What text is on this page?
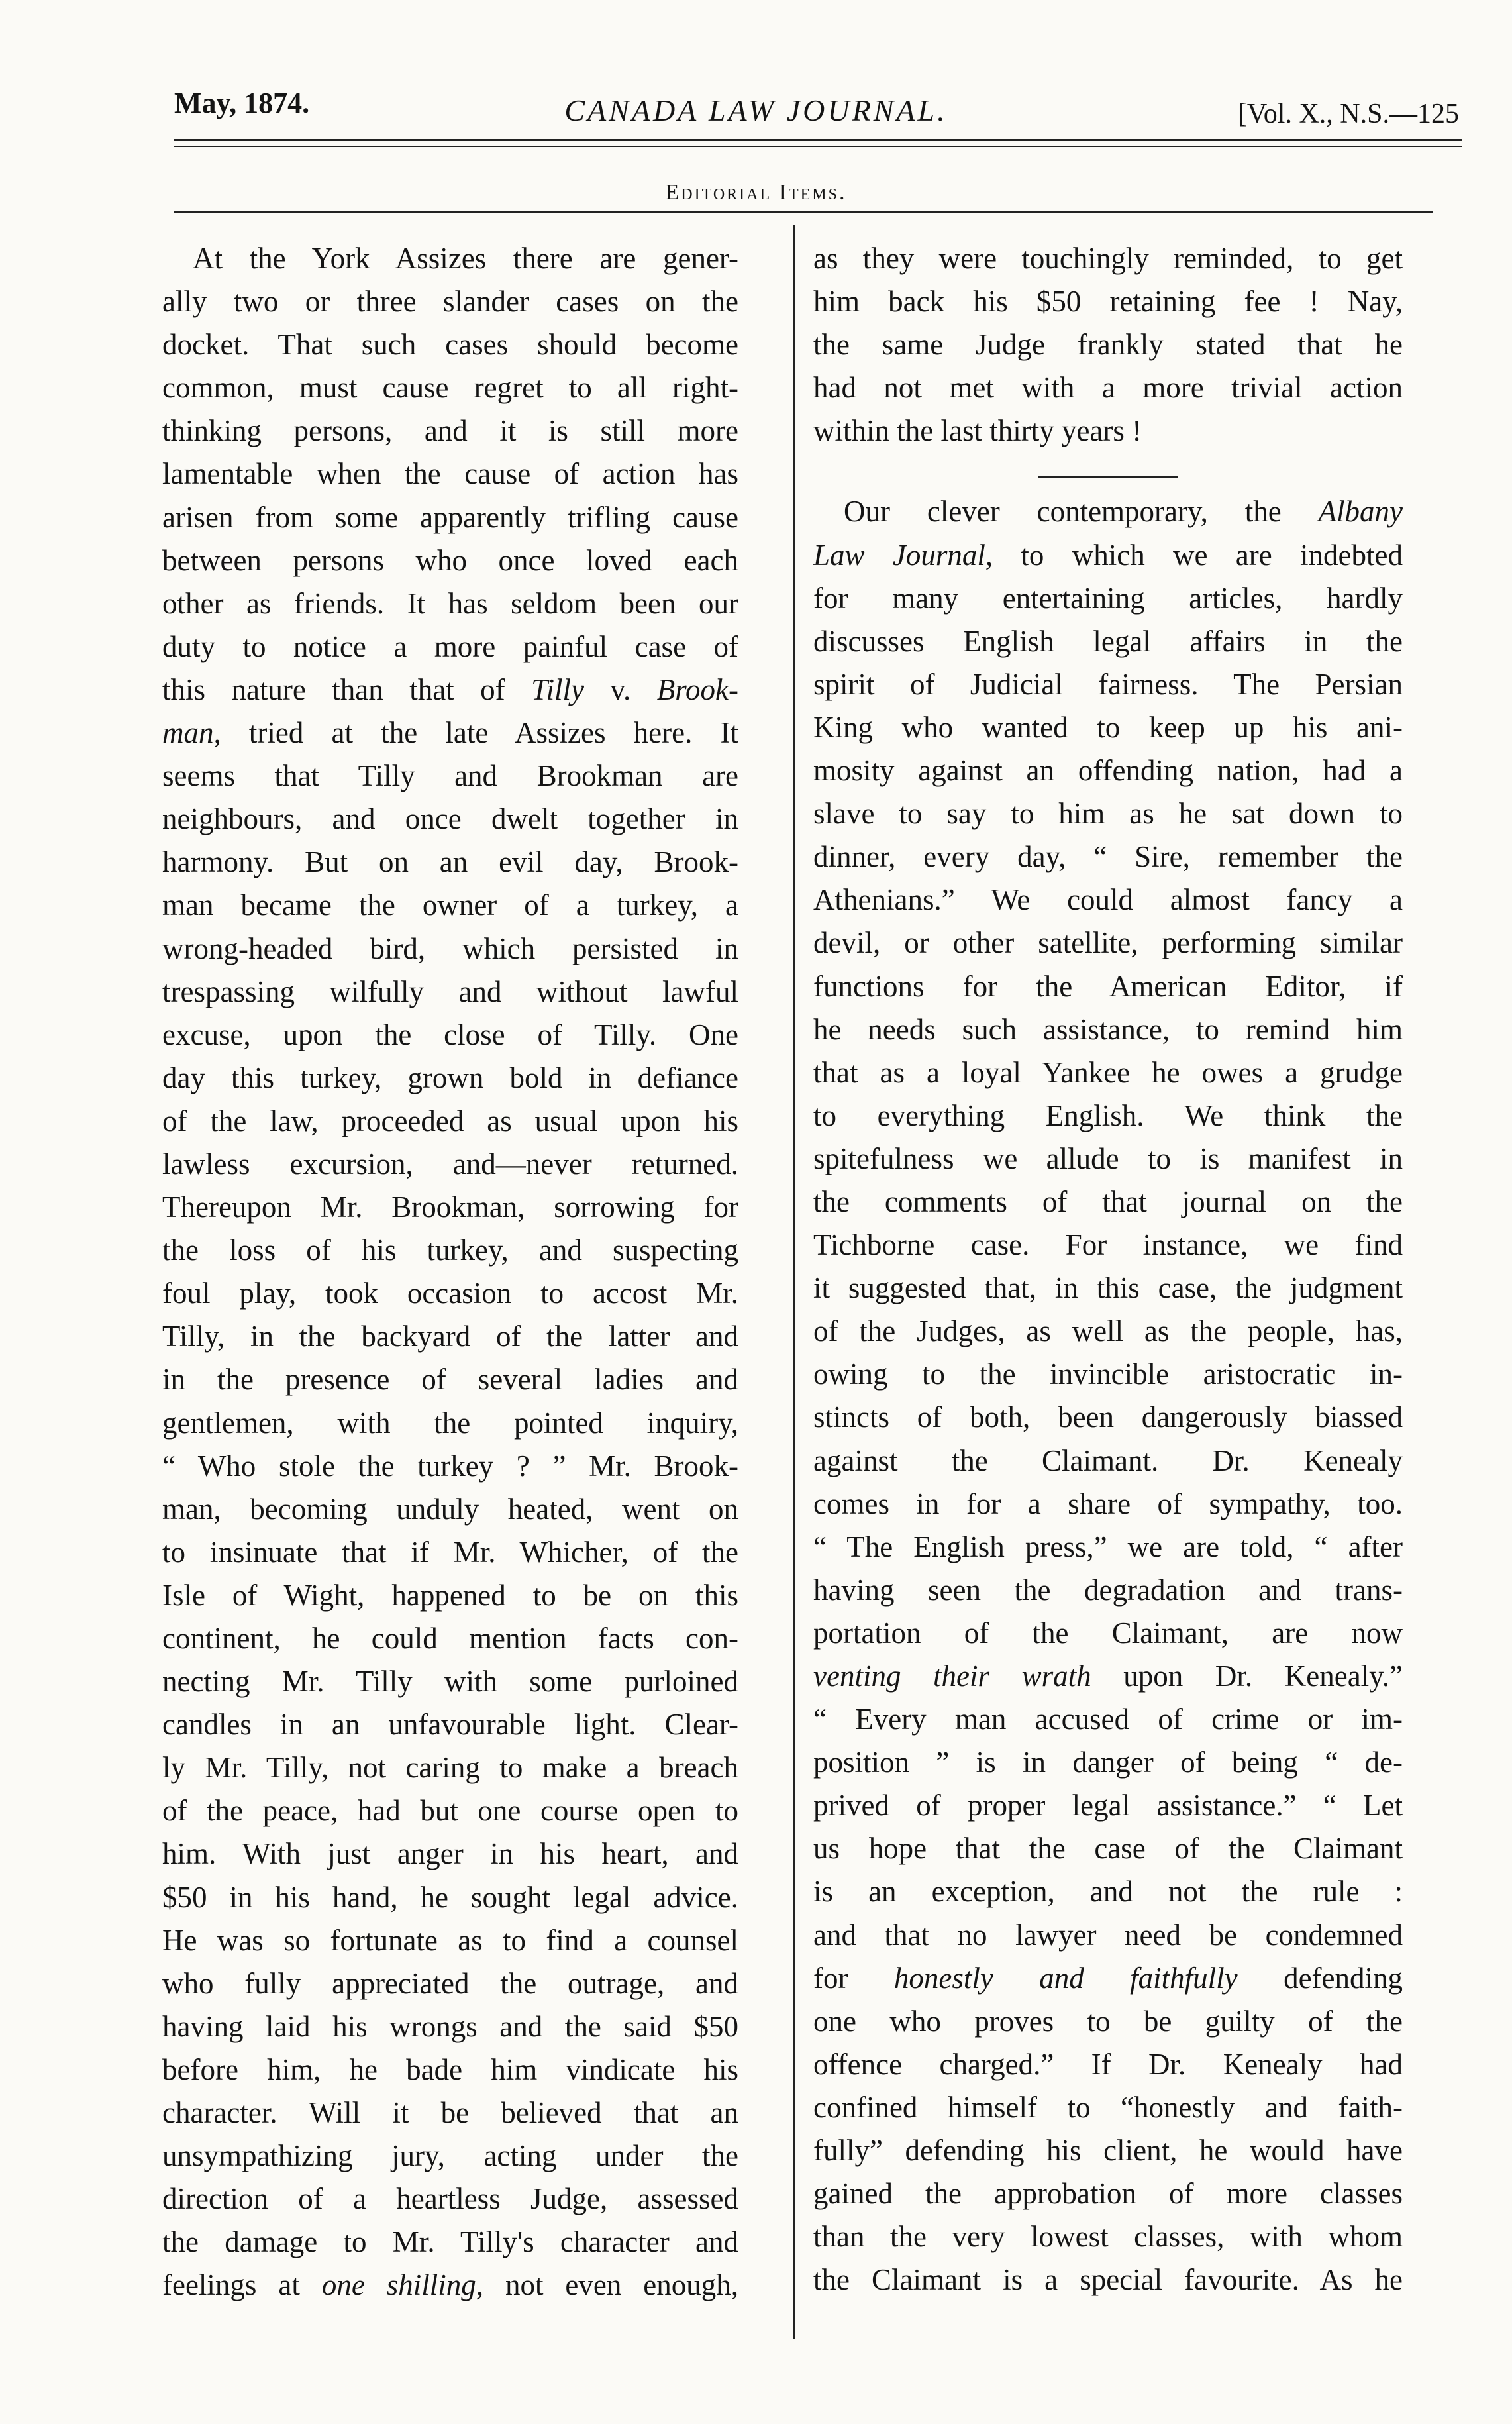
May, 1874.	CANADA LAW JOURNAL.	[Vol. X., N.S.—125
Editorial Items.
At the York Assizes there are gener-
ally two or three slander cases on the
docket. That such cases should become
common, must cause regret to all right-
thinking persons, and it is still more
lamentable when the cause of action has
arisen from some apparently trifling cause
between persons who once loved each
other as friends. It has seldom been our
duty to notice a more painful case of
this nature than that of Tilly v. Brook-
man, tried at the late Assizes here. It
seems that Tilly and Brookman are
neighbours, and once dwelt together in
harmony. But on an evil day, Brook-
man became the owner of a turkey, a
wrong-headed bird, which persisted in
trespassing wilfully and without lawful
excuse, upon the close of Tilly. One
day this turkey, grown bold in defiance
of the law, proceeded as usual upon his
lawless excursion, and—never returned.
Thereupon Mr. Brookman, sorrowing for
the loss of his turkey, and suspecting
foul play, took occasion to accost Mr.
Tilly, in the backyard of the latter and
in the presence of several ladies and
gentlemen, with the pointed inquiry,
“ Who stole the turkey ? ” Mr. Brook-
man, becoming unduly heated, went on
to insinuate that if Mr. Whicher, of the
Isle of Wight, happened to be on this
continent, he could mention facts con-
necting Mr. Tilly with some purloined
candles in an unfavourable light. Clear-
ly Mr. Tilly, not caring to make a breach
of the peace, had but one course open to
him. With just anger in his heart, and
$50 in his hand, he sought legal advice.
He was so fortunate as to find a counsel
who fully appreciated the outrage, and
having laid his wrongs and the said $50
before him, he bade him vindicate his
character. Will it be believed that an
unsympathizing jury, acting under the
direction of a heartless Judge, assessed
the damage to Mr. Tilly's character and
feelings at one shilling, not even enough,
as they were touchingly reminded, to get
him back his $50 retaining fee ! Nay,
the same Judge frankly stated that he
had not met with a more trivial action
within the last thirty years !
Our clever contemporary, the Albany
Law Journal, to which we are indebted
for many entertaining articles, hardly
discusses English legal affairs in the
spirit of Judicial fairness. The Persian
King who wanted to keep up his ani-
mosity against an offending nation, had a
slave to say to him as he sat down to
dinner, every day, “ Sire, remember the
Athenians.” We could almost fancy a
devil, or other satellite, performing similar
functions for the American Editor, if
he needs such assistance, to remind him
that as a loyal Yankee he owes a grudge
to everything English. We think the
spitefulness we allude to is manifest in
the comments of that journal on the
Tichborne case. For instance, we find
it suggested that, in this case, the judgment
of the Judges, as well as the people, has,
owing to the invincible aristocratic in-
stincts of both, been dangerously biassed
against the Claimant. Dr. Kenealy
comes in for a share of sympathy, too.
“ The English press,” we are told, “ after
having seen the degradation and trans-
portation of the Claimant, are now
venting their wrath upon Dr. Kenealy.”
“ Every man accused of crime or im-
position ” is in danger of being “ de-
prived of proper legal assistance.” “ Let
us hope that the case of the Claimant
is an exception, and not the rule :
and that no lawyer need be condemned
for honestly and faithfully defending
one who proves to be guilty of the
offence charged.” If Dr. Kenealy had
confined himself to “honestly and faith-
fully” defending his client, he would have
gained the approbation of more classes
than the very lowest classes, with whom
the Claimant is a special favourite. As he
